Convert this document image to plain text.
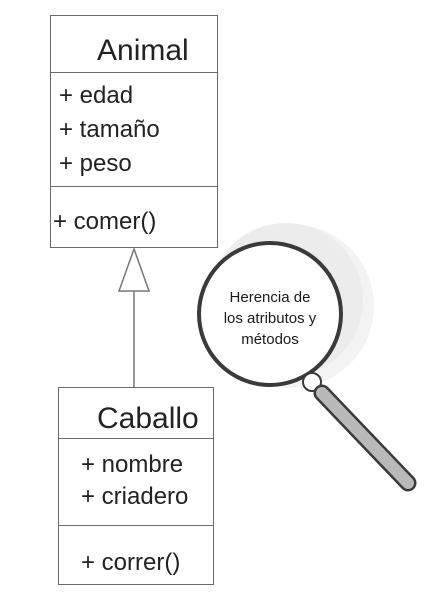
Animal
+ edad
+ tamaño
+ peso
+ comer()
Caballo
+ nombre
+ criadero
+ correr()
Herencia de
los atributos y
métodos
